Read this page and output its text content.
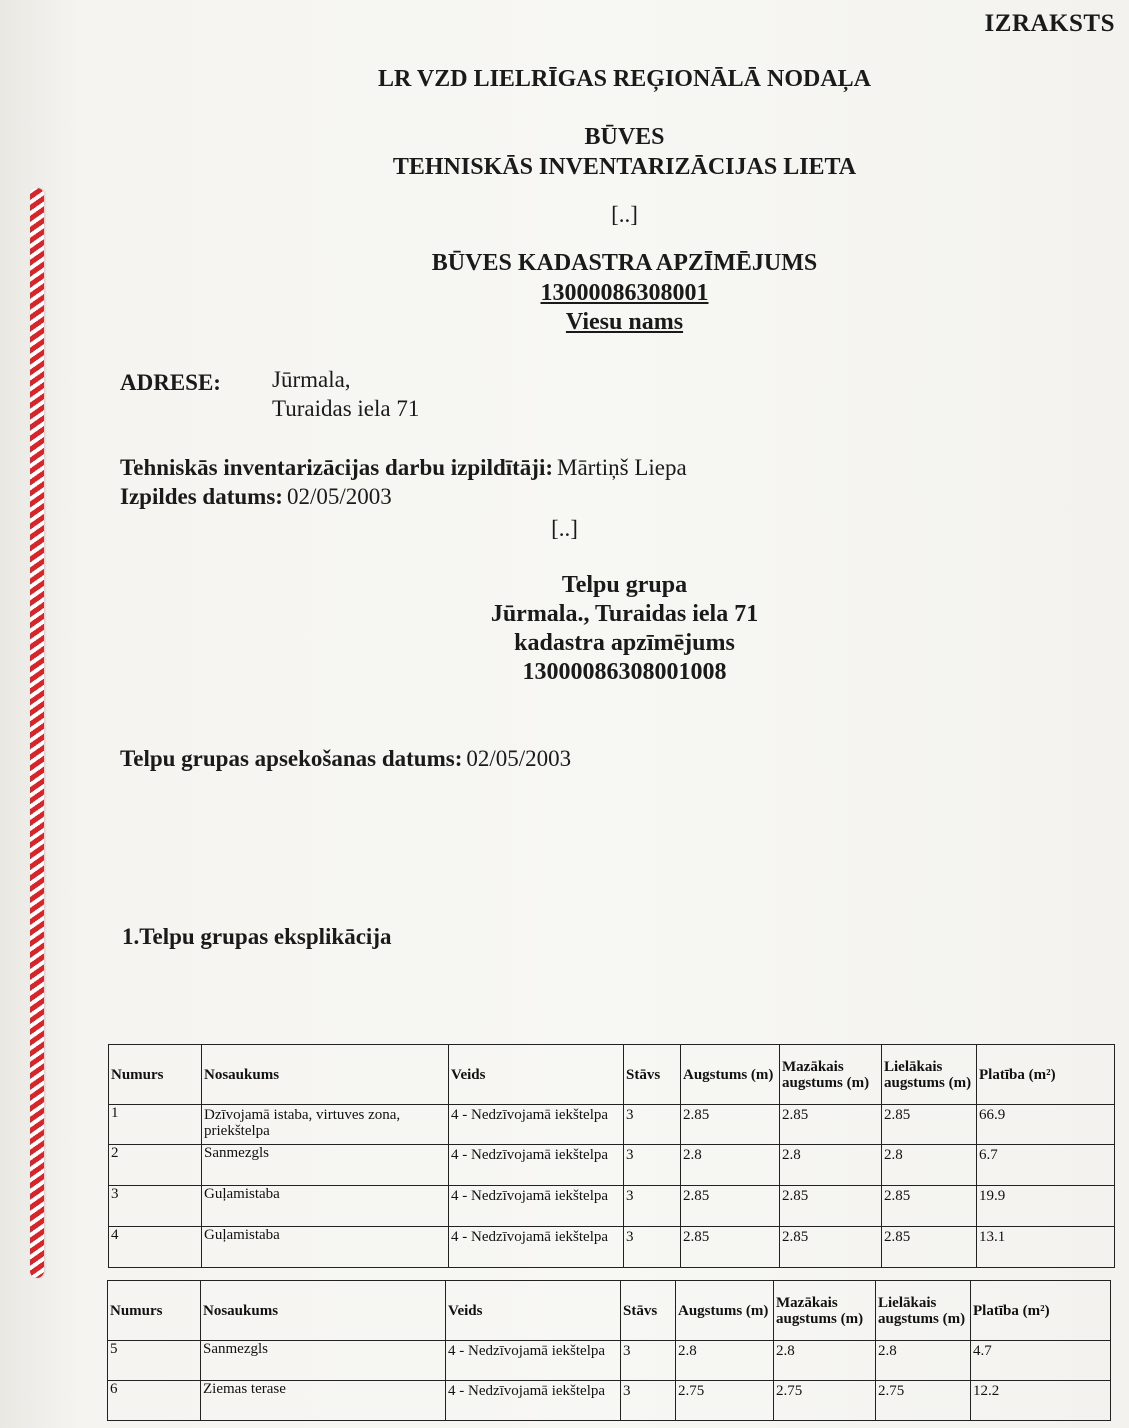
IZRAKSTS
LR VZD LIELRĪGAS REĢIONĀLĀ NODAĻA
BŪVES
TEHNISKĀS INVENTARIZĀCIJAS LIETA
[..]
BŪVES KADASTRA APZĪMĒJUMS
13000086308001
Viesu nams
ADRESE: Jūrmala,
Turaidas iela 71
Tehniskās inventarizācijas darbu izpildītāji: Mārtiņš Liepa
Izpildes datums: 02/05/2003
[..]
Telpu grupa
Jūrmala., Turaidas iela 71
kadastra apzīmējums
13000086308001008
Telpu grupas apsekošanas datums: 02/05/2003
1.Telpu grupas eksplikācija
Numurs	Nosaukums	Veids	Stāvs	Augstums (m)	Mazākais augstums (m)	Lielākais augstums (m)	Platība (m²)
1	Dzīvojamā istaba, virtuves zona, priekštelpa	4 - Nedzīvojamā iekštelpa	3	2.85	2.85	2.85	66.9
2	Sanmezgls	4 - Nedzīvojamā iekštelpa	3	2.8	2.8	2.8	6.7
3	Guļamistaba	4 - Nedzīvojamā iekštelpa	3	2.85	2.85	2.85	19.9
4	Guļamistaba	4 - Nedzīvojamā iekštelpa	3	2.85	2.85	2.85	13.1
Numurs	Nosaukums	Veids	Stāvs	Augstums (m)	Mazākais augstums (m)	Lielākais augstums (m)	Platība (m²)
5	Sanmezgls	4 - Nedzīvojamā iekštelpa	3	2.8	2.8	2.8	4.7
6	Ziemas terase	4 - Nedzīvojamā iekštelpa	3	2.75	2.75	2.75	12.2
